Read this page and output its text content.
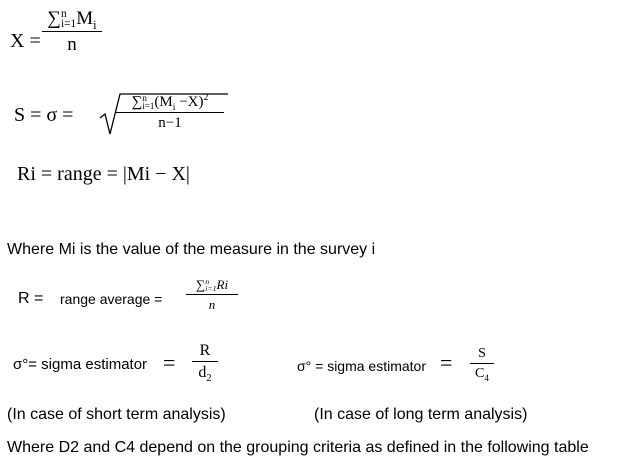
X =
∑ n
i=1 $M_i$
n
S = σ =
∑ n
i=1 $(M_i -X)^2$
n−1
Ri = range = |Mi − X|
Where Mi is the value of the measure in the survey i
R = range average =
∑ n
i=1 Ri
n
σ°= sigma estimator =	R
$d_2$
σ° = sigma estimator =	S
$C_4$
(In case of short term analysis)	(In case of long term analysis)
Where D2 and C4 depend on the grouping criteria as defined in the following table
